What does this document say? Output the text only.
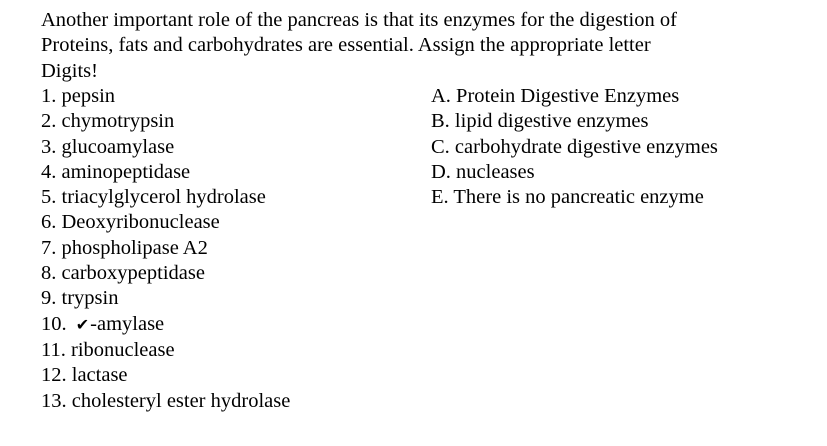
Another important role of the pancreas is that its enzymes for the digestion of
Proteins, fats and carbohydrates are essential. Assign the appropriate letter
Digits!

1. pepsin
2. chymotrypsin
3. glucoamylase
4. aminopeptidase
5. triacylglycerol hydrolase
6. Deoxyribonuclease
7. phospholipase A2
8. carboxypeptidase
9. trypsin
10. ✔-amylase
11. ribonuclease
12. lactase
13. cholesteryl ester hydrolase
A. Protein Digestive Enzymes
B. lipid digestive enzymes
C. carbohydrate digestive enzymes
D. nucleases
E. There is no pancreatic enzyme
